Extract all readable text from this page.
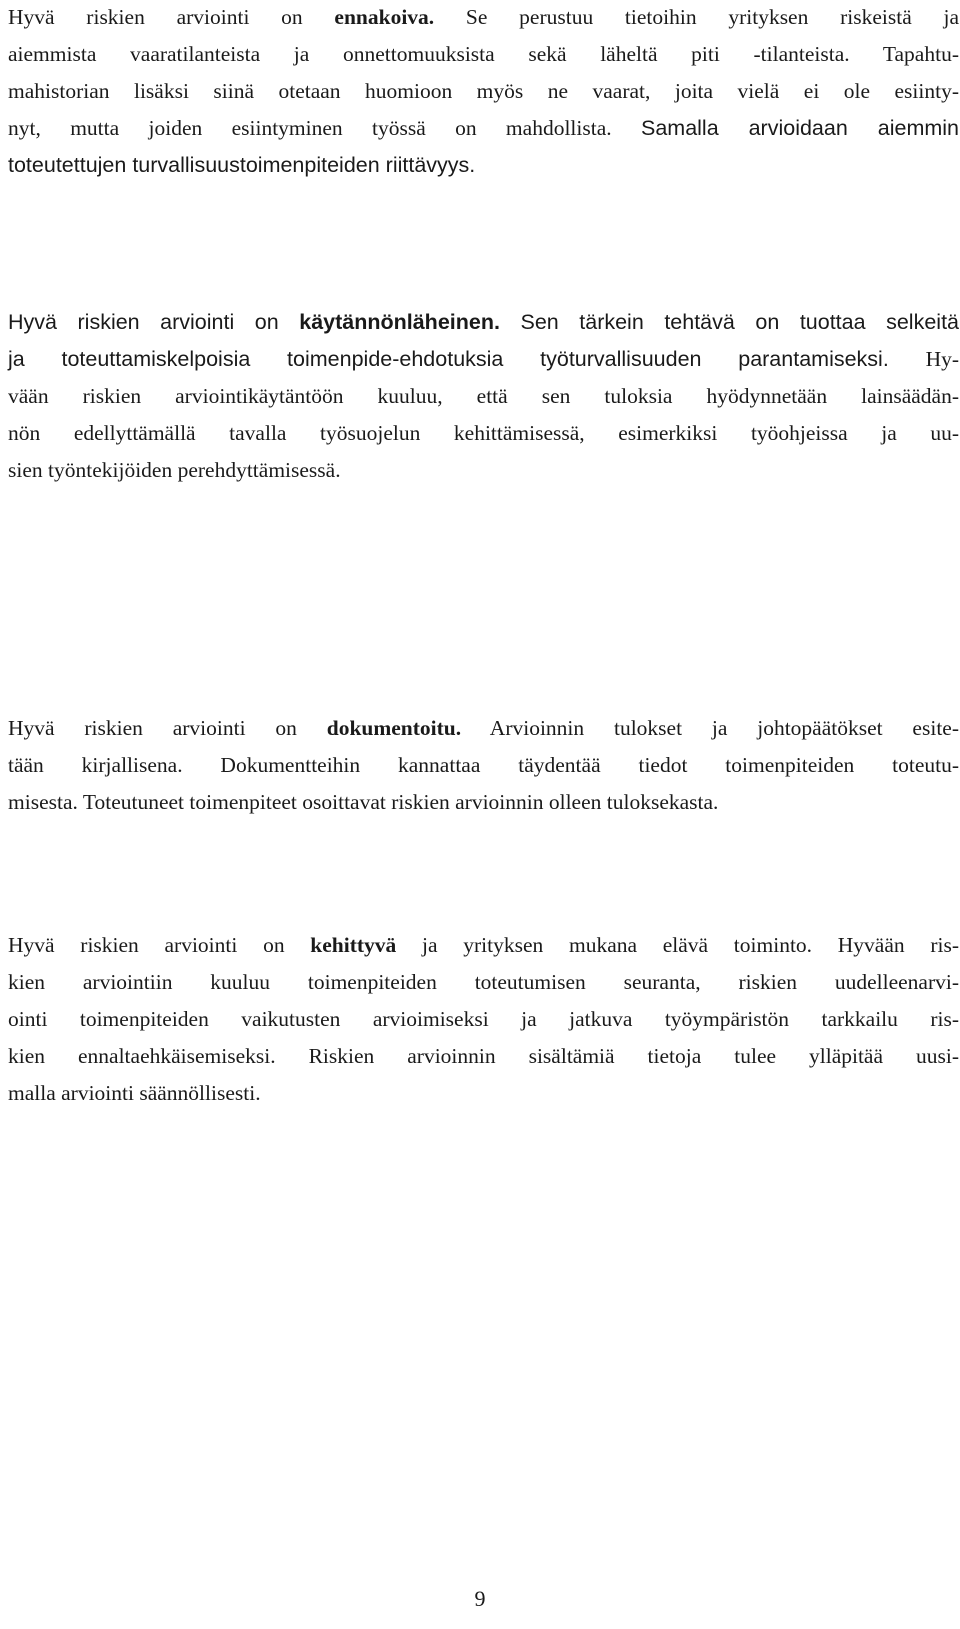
Hyvä riskien arviointi on ennakoiva. Se perustuu tietoihin yrityksen riskeistä ja
aiemmista vaaratilanteista ja onnettomuuksista sekä läheltä piti -tilanteista. Tapahtu-
mahistorian lisäksi siinä otetaan huomioon myös ne vaarat, joita vielä ei ole esiinty-
nyt, mutta joiden esiintyminen työssä on mahdollista. Samalla arvioidaan aiemmin
toteutettujen turvallisuustoimenpiteiden riittävyys.
Hyvä riskien arviointi on käytännönläheinen. Sen tärkein tehtävä on tuottaa selkeitä
ja toteuttamiskelpoisia toimenpide-ehdotuksia työturvallisuuden parantamiseksi. Hy-
vään riskien arviointikäytäntöön kuuluu, että sen tuloksia hyödynnetään lainsäädän-
nön edellyttämällä tavalla työsuojelun kehittämisessä, esimerkiksi työohjeissa ja uu-
sien työntekijöiden perehdyttämisessä.
Hyvä riskien arviointi on dokumentoitu. Arvioinnin tulokset ja johtopäätökset esite-
tään kirjallisena. Dokumentteihin kannattaa täydentää tiedot toimenpiteiden toteutu-
misesta. Toteutuneet toimenpiteet osoittavat riskien arvioinnin olleen tuloksekasta.
Hyvä riskien arviointi on kehittyvä ja yrityksen mukana elävä toiminto. Hyvään ris-
kien arviointiin kuuluu toimenpiteiden toteutumisen seuranta, riskien uudelleenarvi-
ointi toimenpiteiden vaikutusten arvioimiseksi ja jatkuva työympäristön tarkkailu ris-
kien ennaltaehkäisemiseksi. Riskien arvioinnin sisältämiä tietoja tulee ylläpitää uusi-
malla arviointi säännöllisesti.
9
